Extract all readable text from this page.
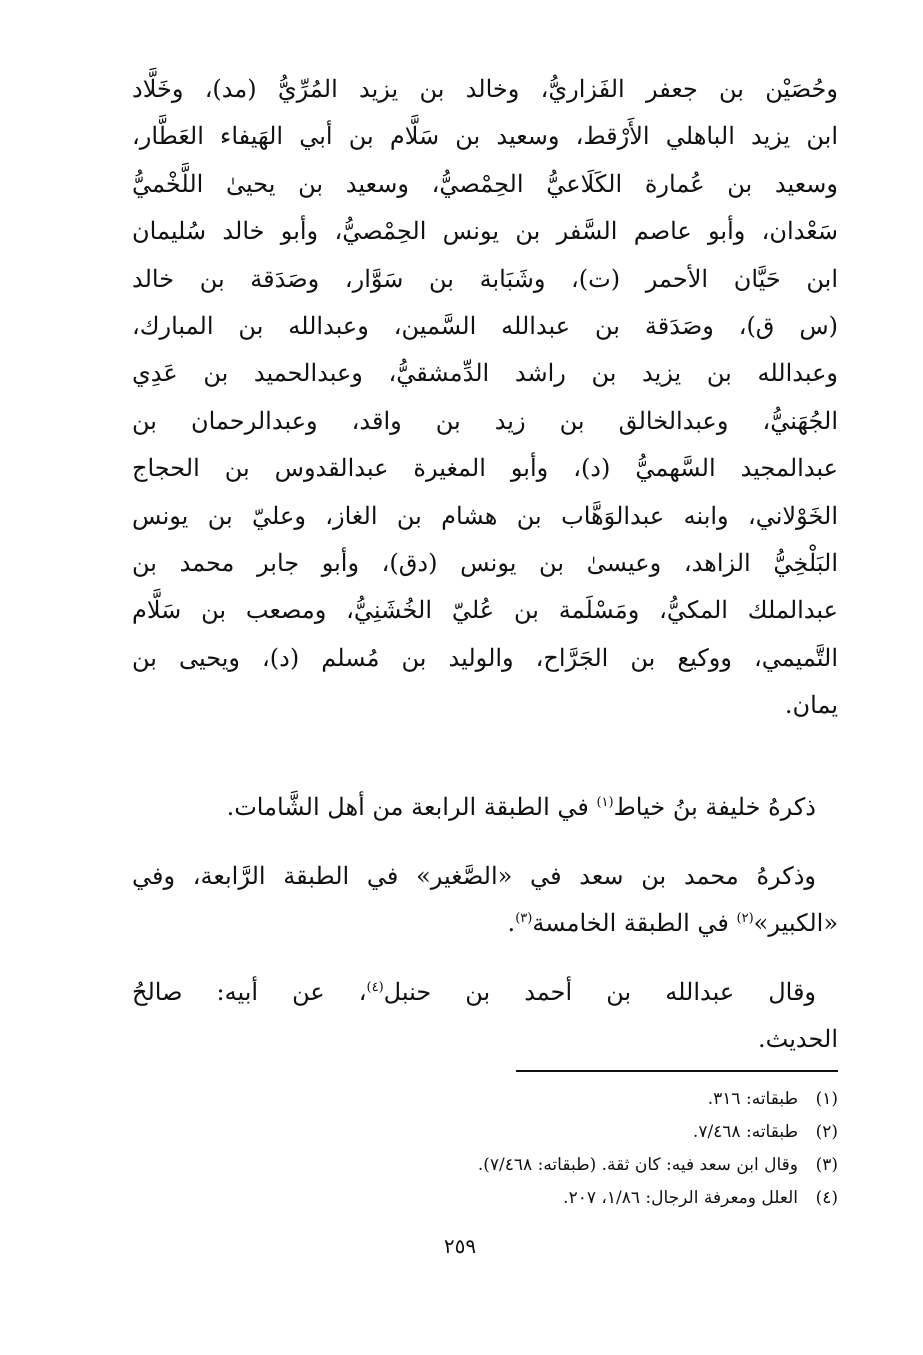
وحُصَيْن بن جعفر الفَزاريُّ، وخالد بن يزيد المُرِّيُّ (مد)، وخَلَّاد
ابن يزيد الباهلي الأَرْقط، وسعيد بن سَلَّام بن أبي الهَيفاء العَطَّار،
وسعيد بن عُمارة الكَلَاعيُّ الحِمْصيُّ، وسعيد بن يحيىٰ اللَّخْميُّ
سَعْدان، وأبو عاصم السَّفر بن يونس الحِمْصيُّ، وأبو خالد سُليمان
ابن حَيَّان الأحمر (ت)، وشَبَابة بن سَوَّار، وصَدَقة بن خالد
(س ق)، وصَدَقة بن عبدالله السَّمين، وعبدالله بن المبارك،
وعبدالله بن يزيد بن راشد الدِّمشقيُّ، وعبدالحميد بن عَدِي
الجُهَنيُّ، وعبدالخالق بن زيد بن واقد، وعبدالرحمان بن
عبدالمجيد السَّهميُّ (د)، وأبو المغيرة عبدالقدوس بن الحجاج
الخَوْلاني، وابنه عبدالوَهَّاب بن هشام بن الغاز، وعليّ بن يونس
البَلْخِيُّ الزاهد، وعيسىٰ بن يونس (دق)، وأبو جابر محمد بن
عبدالملك المكيُّ، ومَسْلَمة بن عُليّ الخُشَنِيُّ، ومصعب بن سَلَّام
التَّميمي، ووكيع بن الجَرَّاح، والوليد بن مُسلم (د)، ويحيى بن
يمان.
ذكرهُ خليفة بنُ خياط$^{(١)}$ في الطبقة الرابعة من أهل الشَّامات.
وذكرهُ محمد بن سعد في «الصَّغير» في الطبقة الرَّابعة، وفي
«الكبير»$^{(٢)}$ في الطبقة الخامسة$^{(٣)}$.
وقال عبدالله بن أحمد بن حنبل$^{(٤)}$، عن أبيه: صالحُ
الحديث.
(١)
طبقاته: ٣١٦.
(٢)
طبقاته: ٧/٤٦٨.
(٣)
وقال ابن سعد فيه: كان ثقة. (طبقاته: ٧/٤٦٨).
(٤)
العلل ومعرفة الرجال: ١/٨٦، ٢٠٧.
٢٥٩
